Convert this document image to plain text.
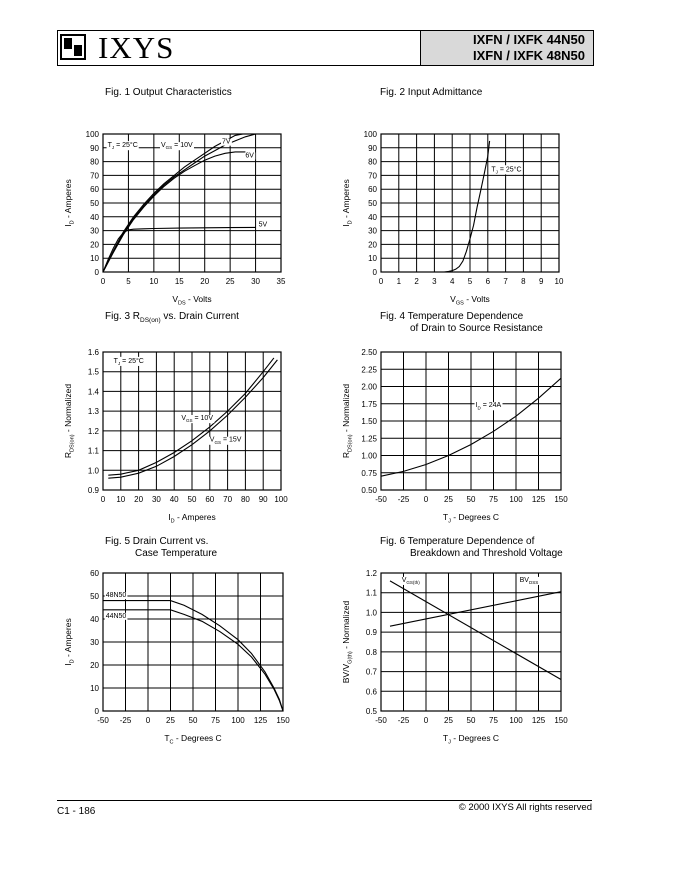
IXYS	IXFN / IXFK 44N50
IXFN / IXFK 48N50
Fig. 1 Output Characteristics	Fig. 2 Input Admittance
Fig. 3 $R_{DS(on)}$ vs. Drain Current	Fig. 4 Temperature Dependence
of Drain to Source Resistance
Fig. 5 Drain Current vs.
Case Temperature
Fig. 6 Temperature Dependence of
Breakdown and Threshold Voltage
0	5 10 15 20 25 30 35
0
10
20
30
40
50
60
70
80
90
100
$T_J = 25^\circ C$	$V_{GS} = 10V$	7V
6V
5V
$V_{DS}$ - Volts
$I_D$ - Amperes
0 1 2 3 4 5 6 7 8 9 10
0
10
20
30
40
50
60
70
80
90
100
$T_J = 25^\circ C$
$V_{GS}$ - Volts
$I_D$ - Amperes
0 10 20 30 40 50 60 70 80 90 100
0.9
1.0
1.1
1.2
1.3
1.4
1.5
1.6
$T_J = 25^\circ C$
$V_{GS} = 10V$
$V_{GS} = 15V$
$I_D$ - Amperes
$R_{DS(on)}$ - Normalized
-50 -25 0 25 50 75 100 125 150
0.50
0.75
1.00
1.25
1.50
1.75
2.00
2.25
2.50
$I_D = 24A$
$T_J$ - Degrees C
$R_{DS(on)}$ - Normalized
-50 -25 0 25 50 75 100 125 150
0
10
20
30
40
50
60
48N50
44N50
$T_C$ - Degrees C
$I_D$ - Amperes
-50 -25 0 25 50 75 100 125 150
0.5
0.6
0.7
0.8
0.9
1.0
1.1
1.2
$V_{GS(th)}$	$BV_{DSS}$
$T_J$ - Degrees C
$BV/V_{G(th)}$ - Normalized
C1 - 186	© 2000 IXYS All rights reserved
